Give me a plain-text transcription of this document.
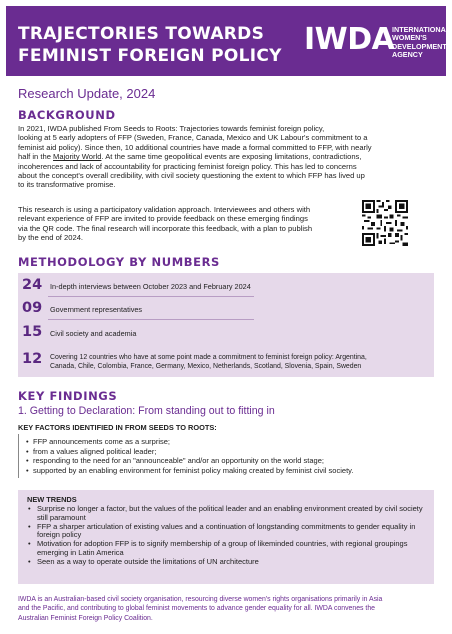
TRAJECTORIES TOWARDS
FEMINIST FOREIGN POLICY IWDA
INTERNATIONAL
WOMEN'S
DEVELOPMENT
AGENCY
Research Update, 2024
BACKGROUND
In 2021, IWDA published From Seeds to Roots: Trajectories towards feminist foreign policy,
looking at 5 early adopters of FFP (Sweden, France, Canada, Mexico and UK Labour's commitment to a
feminist aid policy). Since then, 10 additional countries have made a formal committed to FFP, with nearly
half in the Majority World. At the same time geopolitical events are exposing limitations, contradictions,
incoherences and lack of accountability for practicing feminist foreign policy. This has led to concerns
about the concept's overall credibility, with civil society questioning the extent to which FFP has lived up
to its transformative promise.
This research is using a participatory validation approach. Interviewees and others with
relevant experience of FFP are invited to provide feedback on these emerging findings
via the QR code. The final research will incorporate this feedback, with a plan to publish
by the end of 2024.
METHODOLOGY BY NUMBERS
24 In-depth interviews between October 2023 and February 2024
09 Government representatives
15 Civil society and academia
12 Covering 12 countries who have at some point made a commitment to feminist foreign policy: Argentina,
Canada, Chile, Colombia, France, Germany, Mexico, Netherlands, Scotland, Slovenia, Spain, Sweden
KEY FINDINGS
1. Getting to Declaration: From standing out to fitting in
KEY FACTORS IDENTIFIED IN FROM SEEDS TO ROOTS:
• FFP announcements come as a surprise;
• from a values aligned political leader;
• responding to the need for an "announceable" and/or an opportunity on the world stage;
• supported by an enabling environment for feminist policy making created by feminist civil society.
NEW TRENDS
• Surprise no longer a factor, but the values of the political leader and an enabling environment created by civil society still paramount
• FFP a sharper articulation of existing values and a continuation of longstanding commitments to gender equality in foreign policy
• Motivation for adoption FFP is to signify membership of a group of likeminded countries, with regional groupings emerging in Latin America
• Seen as a way to operate outside the limitations of UN architecture
IWDA is an Australian-based civil society organisation, resourcing diverse women's rights organisations primarily in Asia
and the Pacific, and contributing to global feminist movements to advance gender equality for all. IWDA convenes the
Australian Feminist Foreign Policy Coalition.
